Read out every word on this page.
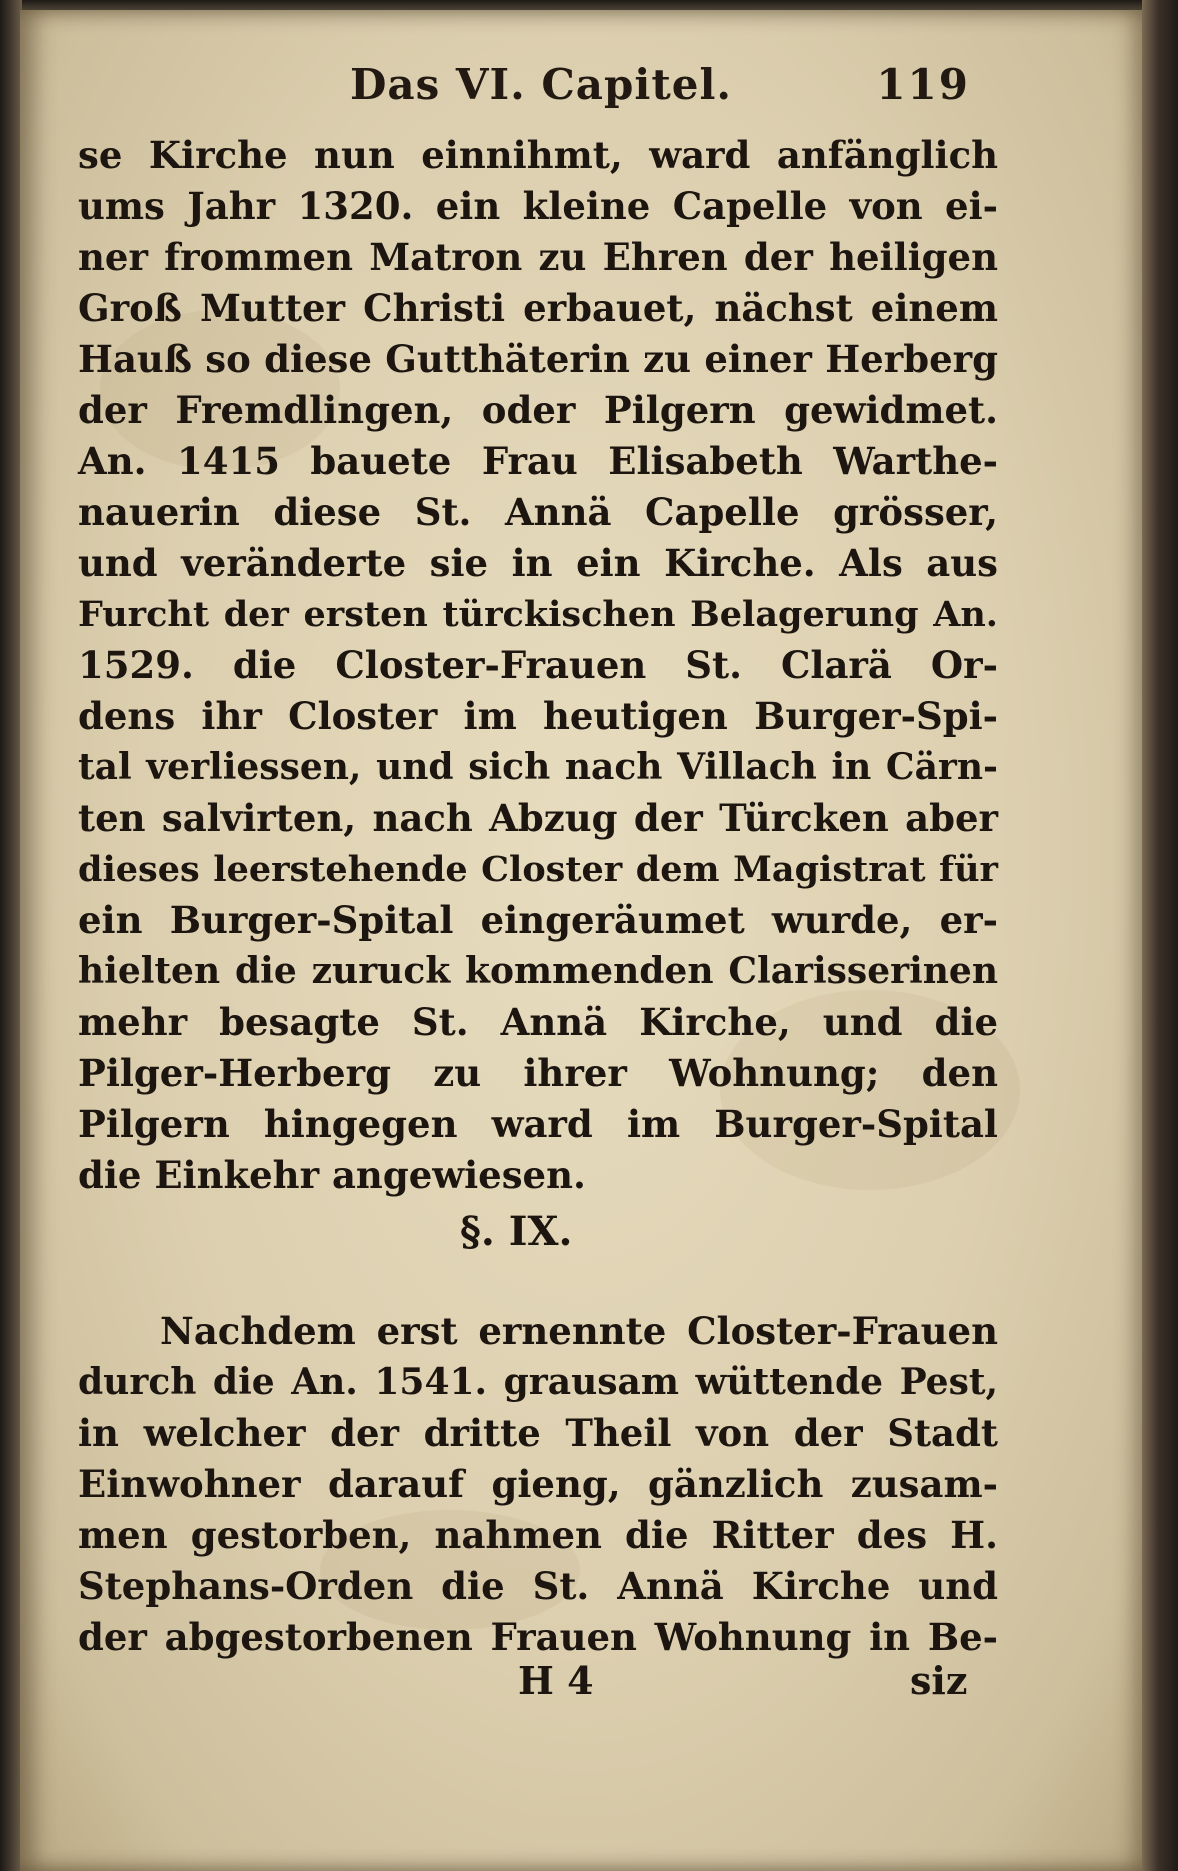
Das VI. Capitel.	119
se Kirche nun einnihmt, ward anfänglich
ums Jahr 1320. ein kleine Capelle von ei-
ner frommen Matron zu Ehren der heiligen
Groß Mutter Christi erbauet, nächst einem
Hauß so diese Gutthäterin zu einer Herberg
der Fremdlingen, oder Pilgern gewidmet.
An. 1415 bauete Frau Elisabeth Warthe-
nauerin diese St. Annä Capelle grösser,
und veränderte sie in ein Kirche. Als aus
Furcht der ersten türckischen Belagerung An.
1529. die Closter-Frauen St. Clarä Or-
dens ihr Closter im heutigen Burger-Spi-
tal verliessen, und sich nach Villach in Cärn-
ten salvirten, nach Abzug der Türcken aber
dieses leerstehende Closter dem Magistrat für
ein Burger-Spital eingeräumet wurde, er-
hielten die zuruck kommenden Clarisserinen
mehr besagte St. Annä Kirche, und die
Pilger-Herberg zu ihrer Wohnung; den
Pilgern hingegen ward im Burger-Spital
die Einkehr angewiesen.
§. IX.
Nachdem erst ernennte Closter-Frauen
durch die An. 1541. grausam wüttende Pest,
in welcher der dritte Theil von der Stadt
Einwohner darauf gieng, gänzlich zusam-
men gestorben, nahmen die Ritter des H.
Stephans-Orden die St. Annä Kirche und
der abgestorbenen Frauen Wohnung in Be-
H 4	siz
